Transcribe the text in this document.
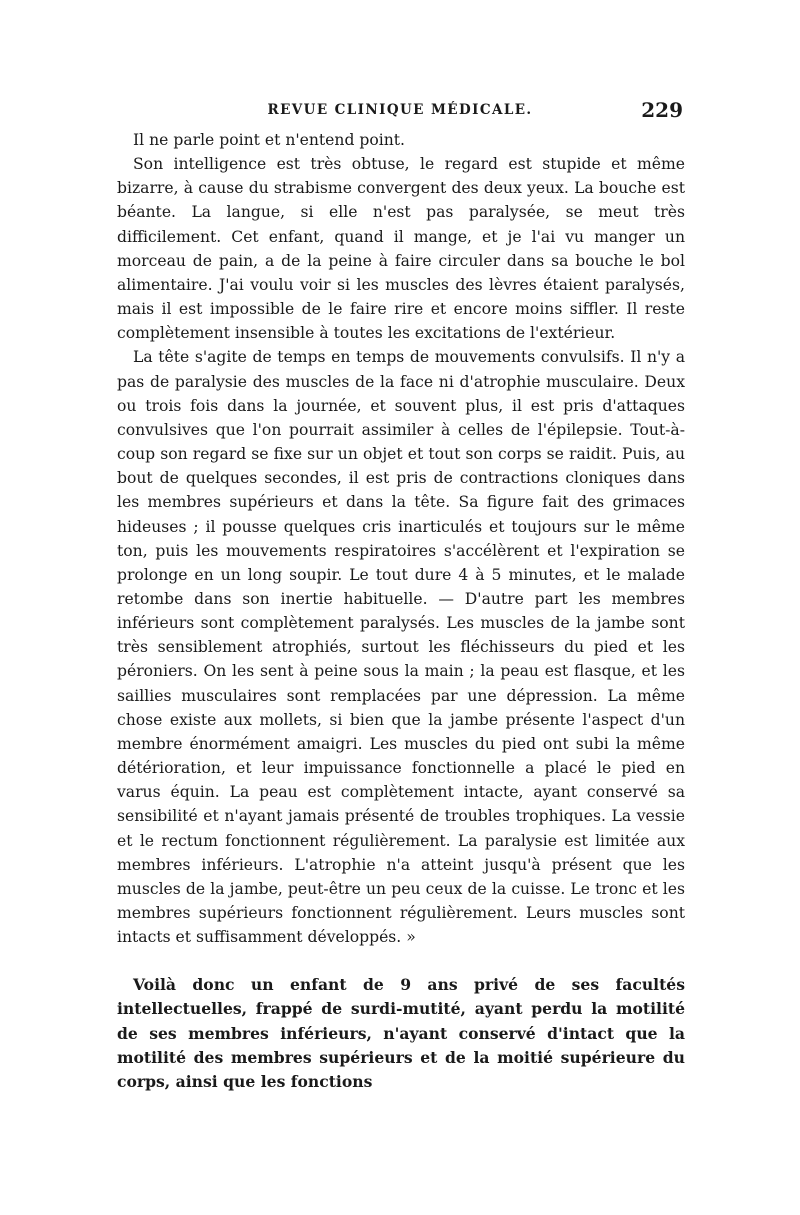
REVUE CLINIQUE MÉDICALE.	229

Il ne parle point et n'entend point.

Son intelligence est très obtuse, le regard est stupide et même bizarre, à cause du strabisme convergent des deux yeux. La bouche est béante. La langue, si elle n'est pas paralysée, se meut très difficilement. Cet enfant, quand il mange, et je l'ai vu manger un morceau de pain, a de la peine à faire circuler dans sa bouche le bol alimentaire. J'ai voulu voir si les muscles des lèvres étaient paralysés, mais il est impossible de le faire rire et encore moins siffler. Il reste complètement insensible à toutes les excitations de l'extérieur.

La tête s'agite de temps en temps de mouvements convulsifs. Il n'y a pas de paralysie des muscles de la face ni d'atrophie musculaire. Deux ou trois fois dans la journée, et souvent plus, il est pris d'attaques convulsives que l'on pourrait assimiler à celles de l'épilepsie. Tout-à-coup son regard se fixe sur un objet et tout son corps se raidit. Puis, au bout de quelques secondes, il est pris de contractions cloniques dans les membres supérieurs et dans la tête. Sa figure fait des grimaces hideuses ; il pousse quelques cris inarticulés et toujours sur le même ton, puis les mouvements respiratoires s'accélèrent et l'expiration se prolonge en un long soupir. Le tout dure 4 à 5 minutes, et le malade retombe dans son inertie habituelle. — D'autre part les membres inférieurs sont complètement paralysés. Les muscles de la jambe sont très sensiblement atrophiés, surtout les fléchisseurs du pied et les péroniers. On les sent à peine sous la main ; la peau est flasque, et les saillies musculaires sont remplacées par une dépression. La même chose existe aux mollets, si bien que la jambe présente l'aspect d'un membre énormément amaigri. Les muscles du pied ont subi la même détérioration, et leur impuissance fonctionnelle a placé le pied en varus équin. La peau est complètement intacte, ayant conservé sa sensibilité et n'ayant jamais présenté de troubles trophiques. La vessie et le rectum fonctionnent régulièrement. La paralysie est limitée aux membres inférieurs. L'atrophie n'a atteint jusqu'à présent que les muscles de la jambe, peut-être un peu ceux de la cuisse. Le tronc et les membres supérieurs fonctionnent régulièrement. Leurs muscles sont intacts et suffisamment développés. »

Voilà donc un enfant de 9 ans privé de ses facultés intellectuelles, frappé de surdi-mutité, ayant perdu la motilité de ses membres inférieurs, n'ayant conservé d'intact que la motilité des membres supérieurs et de la moitié supérieure du corps, ainsi que les fonctions
